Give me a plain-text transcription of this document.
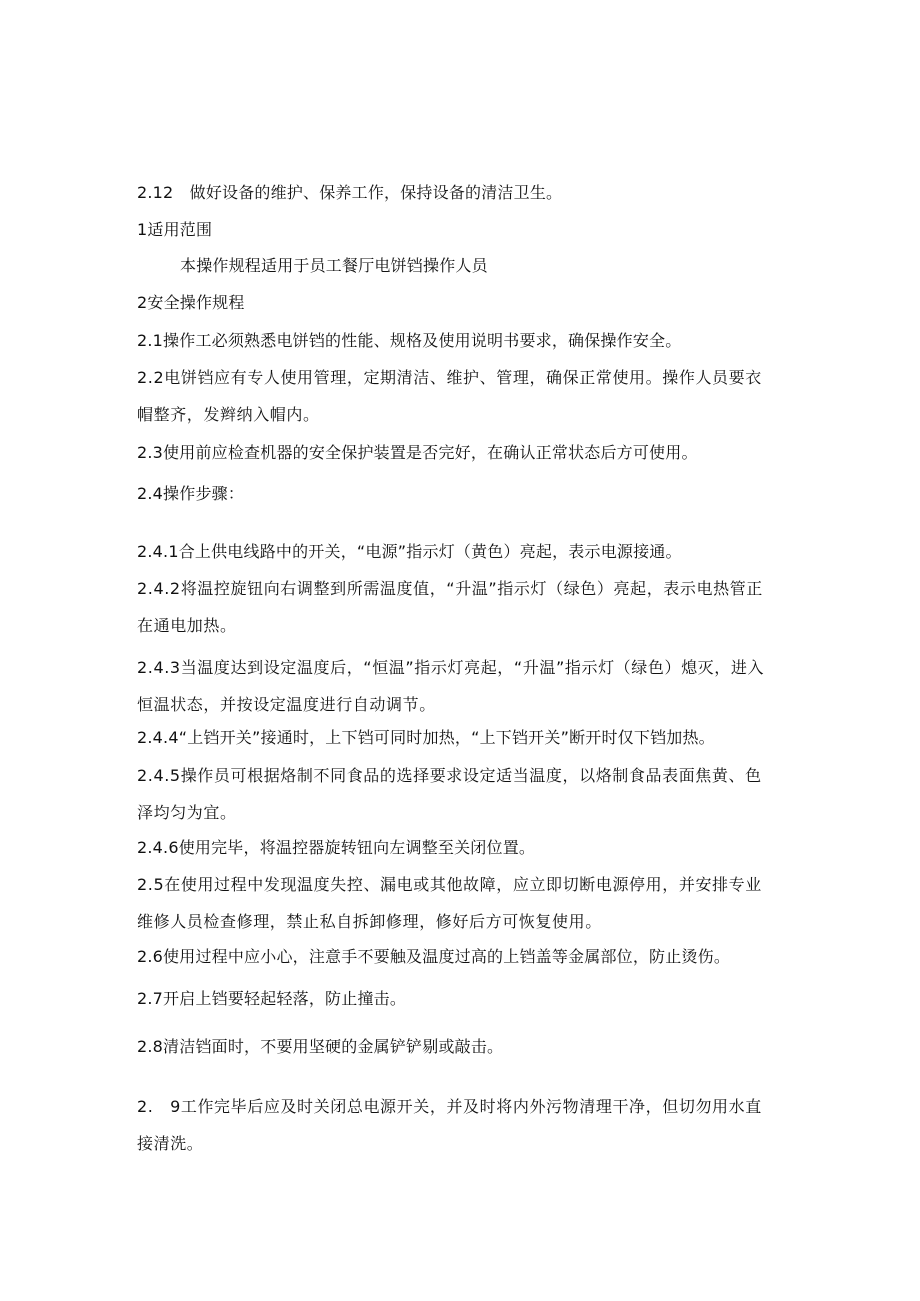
2.12　做好设备的维护、保养工作，保持设备的清洁卫生。
1适用范围
本操作规程适用于员工餐厅电饼铛操作人员
2安全操作规程
2.1操作工必须熟悉电饼铛的性能、规格及使用说明书要求，确保操作安全。
2.2电饼铛应有专人使用管理，定期清洁、维护、管理，确保正常使用。操作人员要衣帽整齐，发辫纳入帽内。
2.3使用前应检查机器的安全保护装置是否完好，在确认正常状态后方可使用。
2.4操作步骤：
2.4.1合上供电线路中的开关，“电源”指示灯（黄色）亮起，表示电源接通。
2.4.2将温控旋钮向右调整到所需温度值，“升温”指示灯（绿色）亮起，表示电热管正在通电加热。
2.4.3当温度达到设定温度后，“恒温”指示灯亮起，“升温”指示灯（绿色）熄灭，进入恒温状态，并按设定温度进行自动调节。
2.4.4“上铛开关”接通时，上下铛可同时加热，“上下铛开关”断开时仅下铛加热。
2.4.5操作员可根据烙制不同食品的选择要求设定适当温度，以烙制食品表面焦黄、色泽均匀为宜。
2.4.6使用完毕，将温控器旋转钮向左调整至关闭位置。
2.5在使用过程中发现温度失控、漏电或其他故障，应立即切断电源停用，并安排专业维修人员检查修理，禁止私自拆卸修理，修好后方可恢复使用。
2.6使用过程中应小心，注意手不要触及温度过高的上铛盖等金属部位，防止烫伤。
2.7开启上铛要轻起轻落，防止撞击。
2.8清洁铛面时，不要用坚硬的金属铲铲剔或敲击。
2.　9工作完毕后应及时关闭总电源开关，并及时将内外污物清理干净，但切勿用水直接清洗。
